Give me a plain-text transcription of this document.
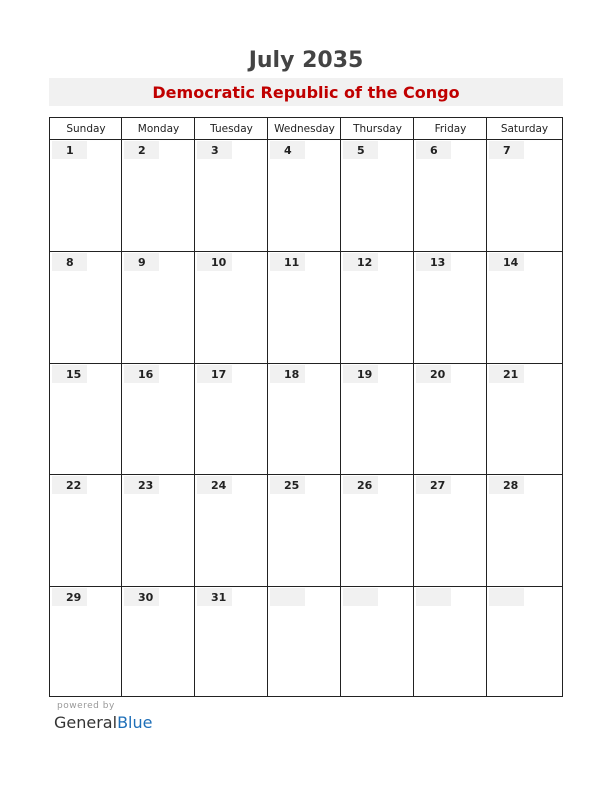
July 2035
Democratic Republic of the Congo
Sunday	Monday	Tuesday	Wednesday	Thursday	Friday	Saturday
1	2	3	4	5	6	7
8	9	10	11	12	13	14
15	16	17	18	19	20	21
22	23	24	25	26	27	28
29	30	31
powered by
GeneralBlue
